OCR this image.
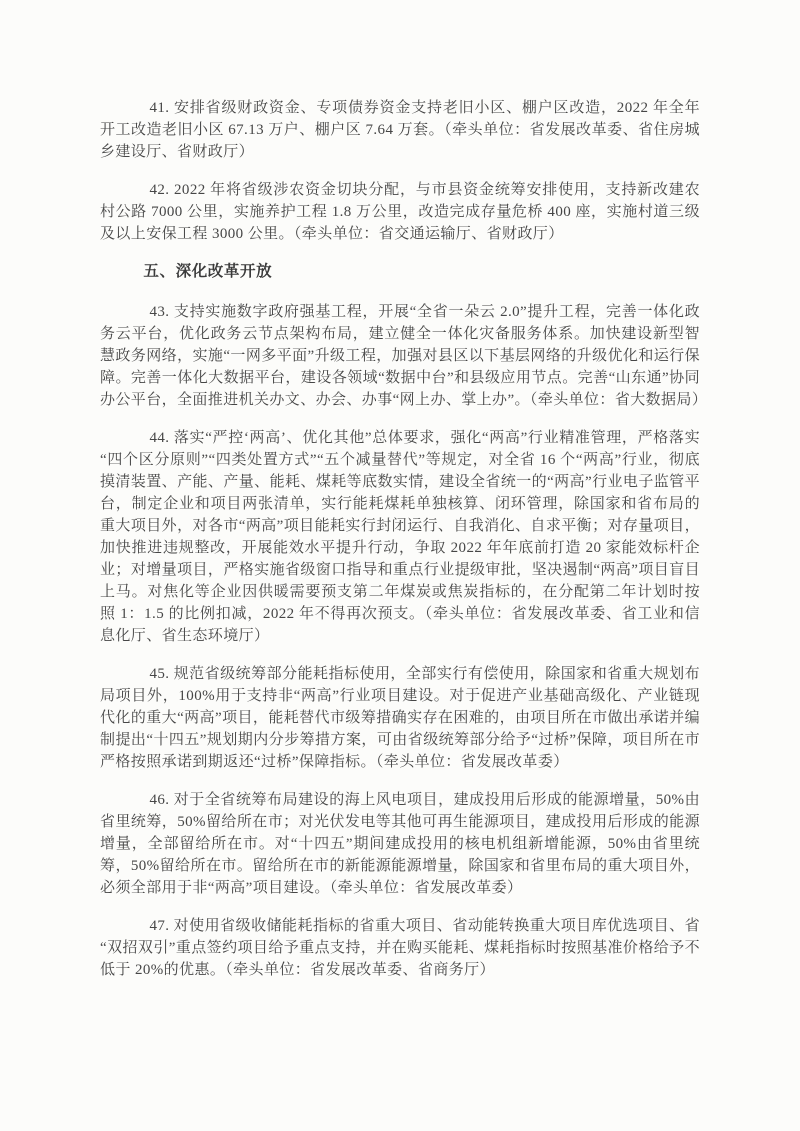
41. 安排省级财政资金、专项债券资金支持老旧小区、棚户区改造，2022 年全年开工改造老旧小区 67.13 万户、棚户区 7.64 万套。（牵头单位：省发展改革委、省住房城乡建设厅、省财政厅）

42. 2022 年将省级涉农资金切块分配，与市县资金统筹安排使用，支持新改建农村公路 7000 公里，实施养护工程 1.8 万公里，改造完成存量危桥 400 座，实施村道三级及以上安保工程 3000 公里。（牵头单位：省交通运输厅、省财政厅）

五、深化改革开放

43. 支持实施数字政府强基工程，开展“全省一朵云 2.0”提升工程，完善一体化政务云平台，优化政务云节点架构布局，建立健全一体化灾备服务体系。加快建设新型智慧政务网络，实施“一网多平面”升级工程，加强对县区以下基层网络的升级优化和运行保障。完善一体化大数据平台，建设各领域“数据中台”和县级应用节点。完善“山东通”协同办公平台，全面推进机关办文、办会、办事“网上办、掌上办”。（牵头单位：省大数据局）

44. 落实“严控‘两高’、优化其他”总体要求，强化“两高”行业精准管理，严格落实“四个区分原则”“四类处置方式”“五个减量替代”等规定，对全省 16 个“两高”行业，彻底摸清装置、产能、产量、能耗、煤耗等底数实情，建设全省统一的“两高”行业电子监管平台，制定企业和项目两张清单，实行能耗煤耗单独核算、闭环管理，除国家和省布局的重大项目外，对各市“两高”项目能耗实行封闭运行、自我消化、自求平衡；对存量项目，加快推进违规整改，开展能效水平提升行动，争取 2022 年年底前打造 20 家能效标杆企业；对增量项目，严格实施省级窗口指导和重点行业提级审批，坚决遏制“两高”项目盲目上马。对焦化等企业因供暖需要预支第二年煤炭或焦炭指标的，在分配第二年计划时按照 1：1.5 的比例扣减，2022 年不得再次预支。（牵头单位：省发展改革委、省工业和信息化厅、省生态环境厅）

45. 规范省级统筹部分能耗指标使用，全部实行有偿使用，除国家和省重大规划布局项目外，100%用于支持非“两高”行业项目建设。对于促进产业基础高级化、产业链现代化的重大“两高”项目，能耗替代市级筹措确实存在困难的，由项目所在市做出承诺并编制提出“十四五”规划期内分步筹措方案，可由省级统筹部分给予“过桥”保障，项目所在市严格按照承诺到期返还“过桥”保障指标。（牵头单位：省发展改革委）

46. 对于全省统筹布局建设的海上风电项目，建成投用后形成的能源增量，50%由省里统筹，50%留给所在市；对光伏发电等其他可再生能源项目，建成投用后形成的能源增量，全部留给所在市。对“十四五”期间建成投用的核电机组新增能源，50%由省里统筹，50%留给所在市。留给所在市的新能源能源增量，除国家和省里布局的重大项目外，必须全部用于非“两高”项目建设。（牵头单位：省发展改革委）

47. 对使用省级收储能耗指标的省重大项目、省动能转换重大项目库优选项目、省“双招双引”重点签约项目给予重点支持，并在购买能耗、煤耗指标时按照基准价格给予不低于 20%的优惠。（牵头单位：省发展改革委、省商务厅）
